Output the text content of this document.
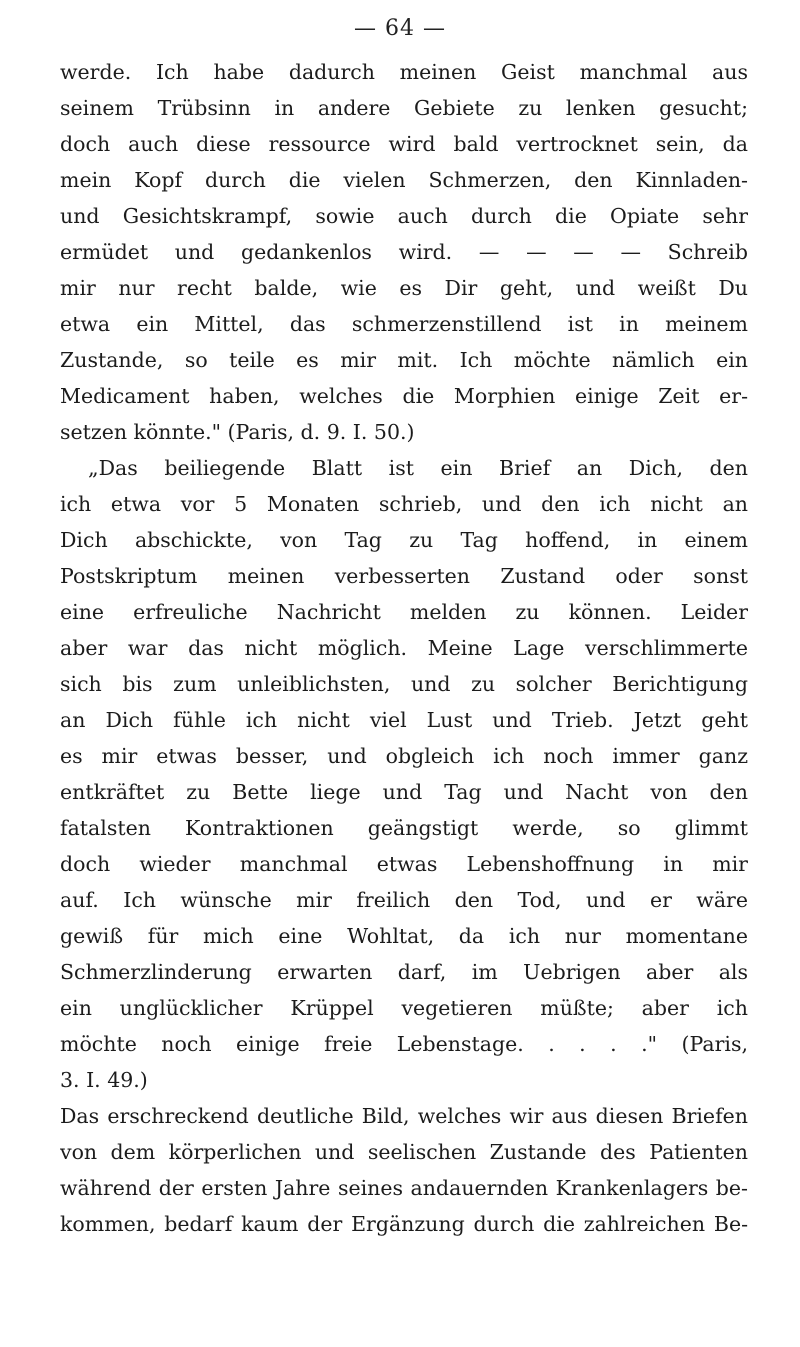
— 64 —
werde. Ich habe dadurch meinen Geist manchmal aus
seinem Trübsinn in andere Gebiete zu lenken gesucht;
doch auch diese ressource wird bald vertrocknet sein, da
mein Kopf durch die vielen Schmerzen, den Kinnladen-
und Gesichtskrampf, sowie auch durch die Opiate sehr
ermüdet und gedankenlos wird. — — — — Schreib
mir nur recht balde, wie es Dir geht, und weißt Du
etwa ein Mittel, das schmerzenstillend ist in meinem
Zustande, so teile es mir mit. Ich möchte nämlich ein
Medicament haben, welches die Morphien einige Zeit er-
setzen könnte." (Paris, d. 9. I. 50.)
„Das beiliegende Blatt ist ein Brief an Dich, den
ich etwa vor 5 Monaten schrieb, und den ich nicht an
Dich abschickte, von Tag zu Tag hoffend, in einem
Postskriptum meinen verbesserten Zustand oder sonst
eine erfreuliche Nachricht melden zu können. Leider
aber war das nicht möglich. Meine Lage verschlimmerte
sich bis zum unleiblichsten, und zu solcher Berichtigung
an Dich fühle ich nicht viel Lust und Trieb. Jetzt geht
es mir etwas besser, und obgleich ich noch immer ganz
entkräftet zu Bette liege und Tag und Nacht von den
fatalsten Kontraktionen geängstigt werde, so glimmt
doch wieder manchmal etwas Lebenshoffnung in mir
auf. Ich wünsche mir freilich den Tod, und er wäre
gewiß für mich eine Wohltat, da ich nur momentane
Schmerzlinderung erwarten darf, im Uebrigen aber als
ein unglücklicher Krüppel vegetieren müßte; aber ich
möchte noch einige freie Lebenstage. . . . ." (Paris,
3. I. 49.)
Das erschreckend deutliche Bild, welches wir aus diesen Briefen
von dem körperlichen und seelischen Zustande des Patienten
während der ersten Jahre seines andauernden Krankenlagers be-
kommen, bedarf kaum der Ergänzung durch die zahlreichen Be-
